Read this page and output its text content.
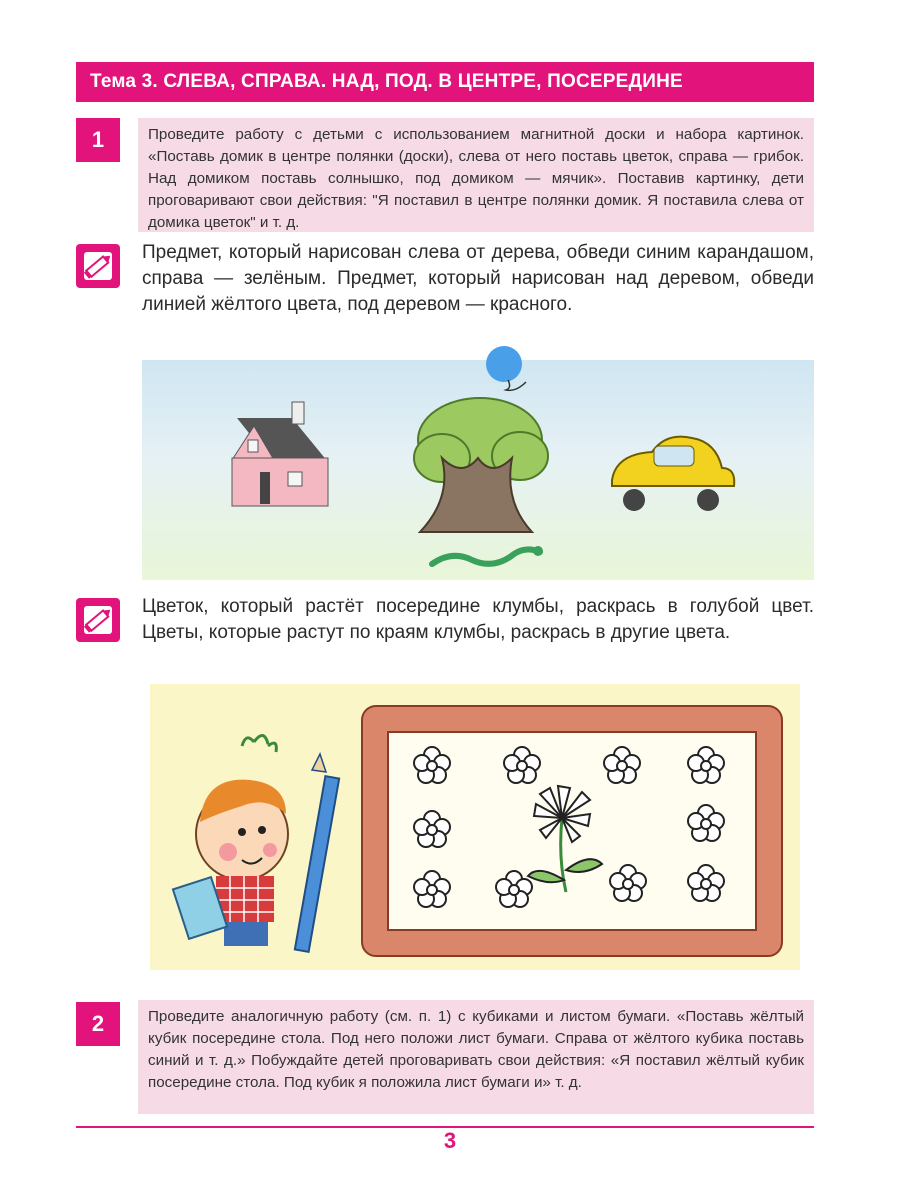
Тема 3. СЛЕВА, СПРАВА. НАД, ПОД. В ЦЕНТРЕ, ПОСЕРЕДИНЕ
1	Проведите работу с детьми с использованием магнитной доски и набора картинок. «Поставь домик в центре полянки (доски), слева от него поставь цветок, справа — грибок. Над домиком поставь солнышко, под домиком — мячик». Поставив картинку, дети проговаривают свои действия: "Я поставил в центре полянки домик. Я поставила слева от домика цветок" и т. д.
Предмет, который нарисован слева от дерева, обведи синим карандашом, справа — зелёным. Предмет, который нарисован над деревом, обведи линией жёлтого цвета, под деревом — красного.
Цветок, который растёт посередине клумбы, раскрась в голубой цвет. Цветы, которые растут по краям клумбы, раскрась в другие цвета.
2	Проведите аналогичную работу (см. п. 1) с кубиками и листом бумаги. «Поставь жёлтый кубик посередине стола. Под него положи лист бумаги. Справа от жёлтого кубика поставь синий и т. д.» Побуждайте детей проговаривать свои действия: «Я поставил жёлтый кубик посередине стола. Под кубик я положила лист бумаги и» т. д.
3
